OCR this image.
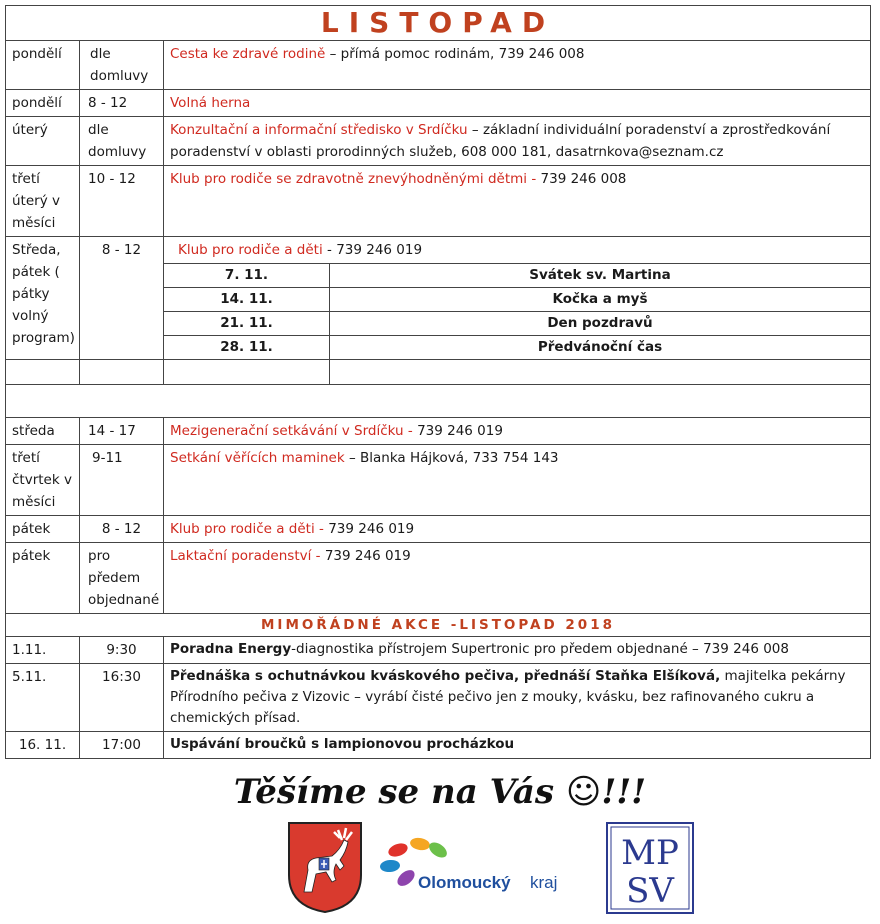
LISTOPAD			
pondělí	dle domluvy	Cesta ke zdravé rodině – přímá pomoc rodinám, 739 246 008	
pondělí	8 - 12	Volná herna	
úterý	dle domluvy	Konzultační a informační středisko v Srdíčku – základní individuální poradenství a zprostředkování poradenství v oblasti prorodinných služeb, 608 000 181, dasatrnkova@seznam.cz	
třetí úterý v měsíci	10 - 12	Klub pro rodiče se zdravotně znevýhodněnými dětmi - 739 246 008	
Středa, pátek ( pátky volný program)	8 - 12	Klub pro rodiče a děti - 739 246 019	
		7. 11.	Svátek sv. Martina
		14. 11.	Kočka a myš
		21. 11.	Den pozdravů
		28. 11.	Předvánoční čas

středa	14 - 17	Mezigenerační setkávání v Srdíčku - 739 246 019	
třetí čtvrtek v měsíci	9-11	Setkání věřících maminek – Blanka Hájková, 733 754 143	
pátek	8 - 12	Klub pro rodiče a děti - 739 246 019	
pátek	pro předem objednané	Laktační poradenství - 739 246 019	
MIMOŘÁDNÉ AKCE -LISTOPAD 2018			
1.11.	9:30	Poradna Energy-diagnostika přístrojem Supertronic pro předem objednané – 739 246 008	
5.11.	16:30	Přednáška s ochutnávkou kváskového pečiva, přednáší Staňka Elšíková, majitelka pekárny Přírodního pečiva z Vizovic – vyrábí čisté pečivo jen z mouky, kvásku, bez rafinovaného cukru a chemických přísad.	
16. 11.	17:00	Uspávání broučků s lampionovou procházkou	
Těšíme se na Vás ☺!!!
Olomoucký kraj
MP
SV
